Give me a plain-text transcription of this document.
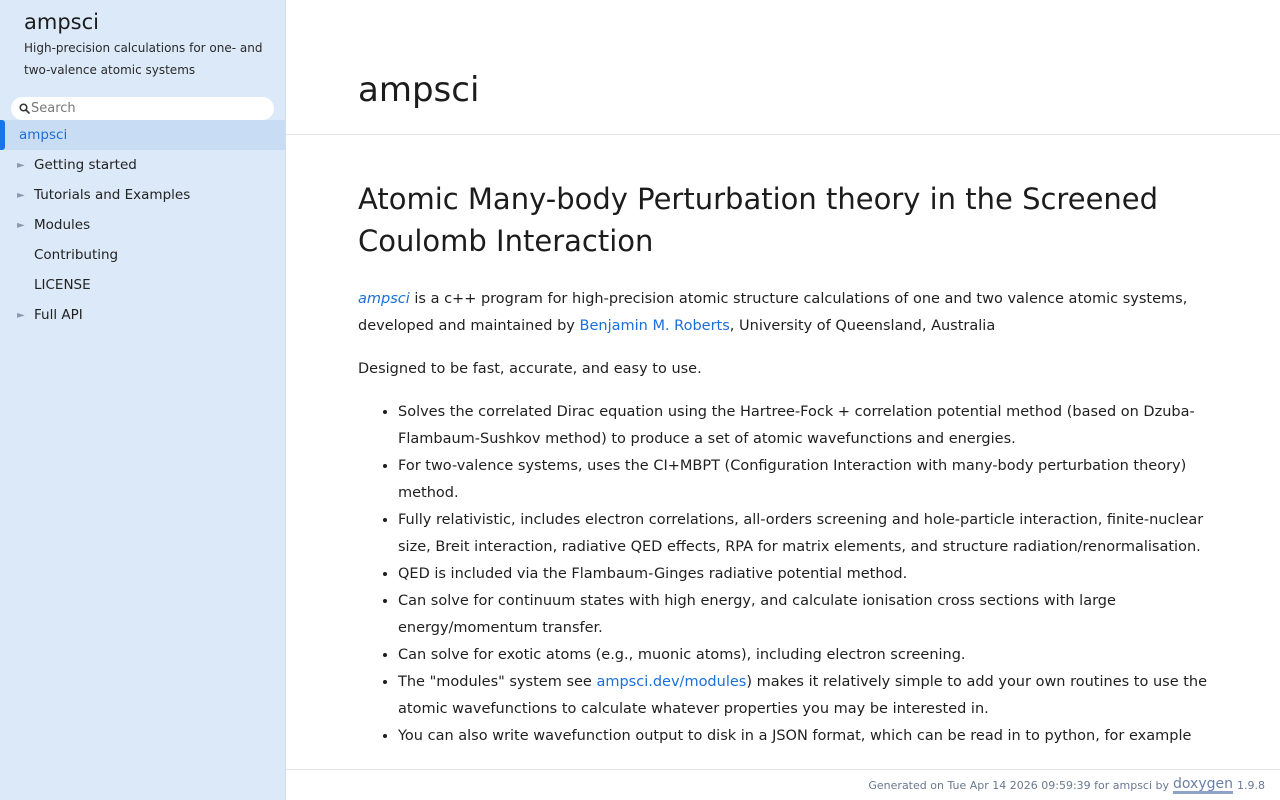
ampsci
High-precision calculations for one- and two-valence atomic systems
Search
ampsci
► Getting started
► Tutorials and Examples
► Modules
Contributing
LICENSE
► Full API
ampsci
Atomic Many-body Perturbation theory in the Screened Coulomb Interaction

ampsci is a c++ program for high-precision atomic structure calculations of one and two valence atomic systems, developed and maintained by Benjamin M. Roberts, University of Queensland, Australia

Designed to be fast, accurate, and easy to use.

• Solves the correlated Dirac equation using the Hartree-Fock + correlation potential method (based on Dzuba-Flambaum-Sushkov method) to produce a set of atomic wavefunctions and energies.
• For two-valence systems, uses the CI+MBPT (Configuration Interaction with many-body perturbation theory) method.
• Fully relativistic, includes electron correlations, all-orders screening and hole-particle interaction, finite-nuclear size, Breit interaction, radiative QED effects, RPA for matrix elements, and structure radiation/renormalisation.
• QED is included via the Flambaum-Ginges radiative potential method.
• Can solve for continuum states with high energy, and calculate ionisation cross sections with large energy/momentum transfer.
• Can solve for exotic atoms (e.g., muonic atoms), including electron screening.
• The "modules" system see ampsci.dev/modules) makes it relatively simple to add your own routines to use the atomic wavefunctions to calculate whatever properties you may be interested in.
• You can also write wavefunction output to disk in a JSON format, which can be read in to python, for example

Generated on Tue Apr 14 2026 09:59:39 for ampsci by doxygen 1.9.8
